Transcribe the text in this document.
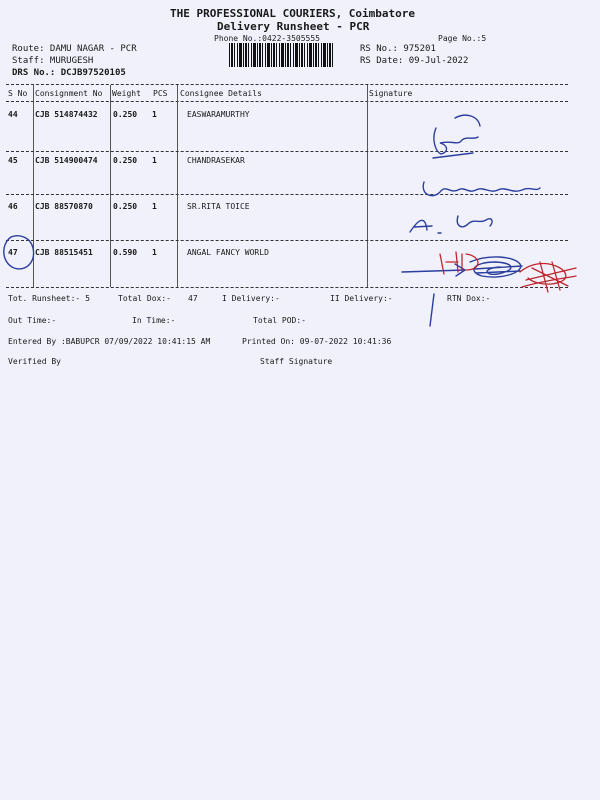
THE PROFESSIONAL COURIERS, Coimbatore
Delivery Runsheet - PCR
Phone No.:0422-3505555	Page No.:5
Route: DAMU NAGAR - PCR
Staff: MURUGESH
DRS No.: DCJB97520105
RS No.: 975201
RS Date: 09-Jul-2022
S No Consignment No Weight PCS Consignee Details	Signature
44 CJB 514874432 0.250 1	EASWARAMURTHY
45 CJB 514900474 0.250 1	CHANDRASEKAR
46 CJB 88570870	0.250 1	SR.RITA TOICE
47 CJB 88515451	0.590 1	ANGAL FANCY WORLD
Tot. Runsheet:- 5	Total Dox:- 47	I Delivery:-	II Delivery:-	RTN Dox:-
Out Time:-	In Time:-	Total POD:-
Entered By :BABUPCR 07/09/2022 10:41:15 AM	Printed On: 09-07-2022 10:41:36
Verified By	Staff Signature
